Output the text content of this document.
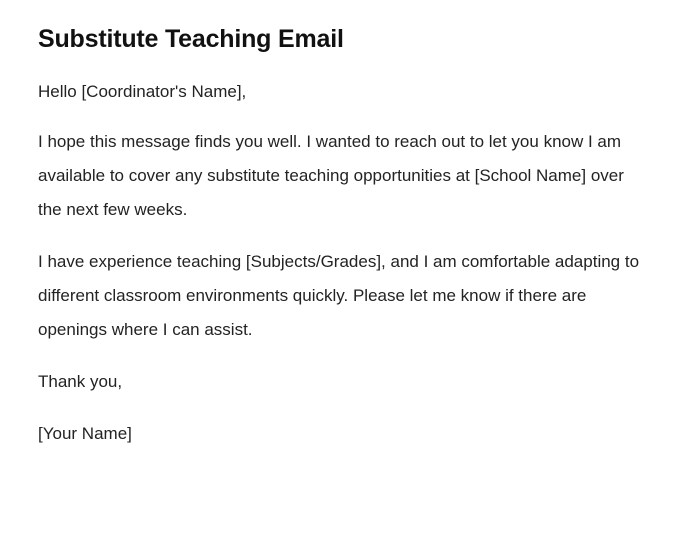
Substitute Teaching Email

Hello [Coordinator's Name],

I hope this message finds you well. I wanted to reach out to let you know I am available to cover any substitute teaching opportunities at [School Name] over the next few weeks.

I have experience teaching [Subjects/Grades], and I am comfortable adapting to different classroom environments quickly. Please let me know if there are openings where I can assist.

Thank you,

[Your Name]
